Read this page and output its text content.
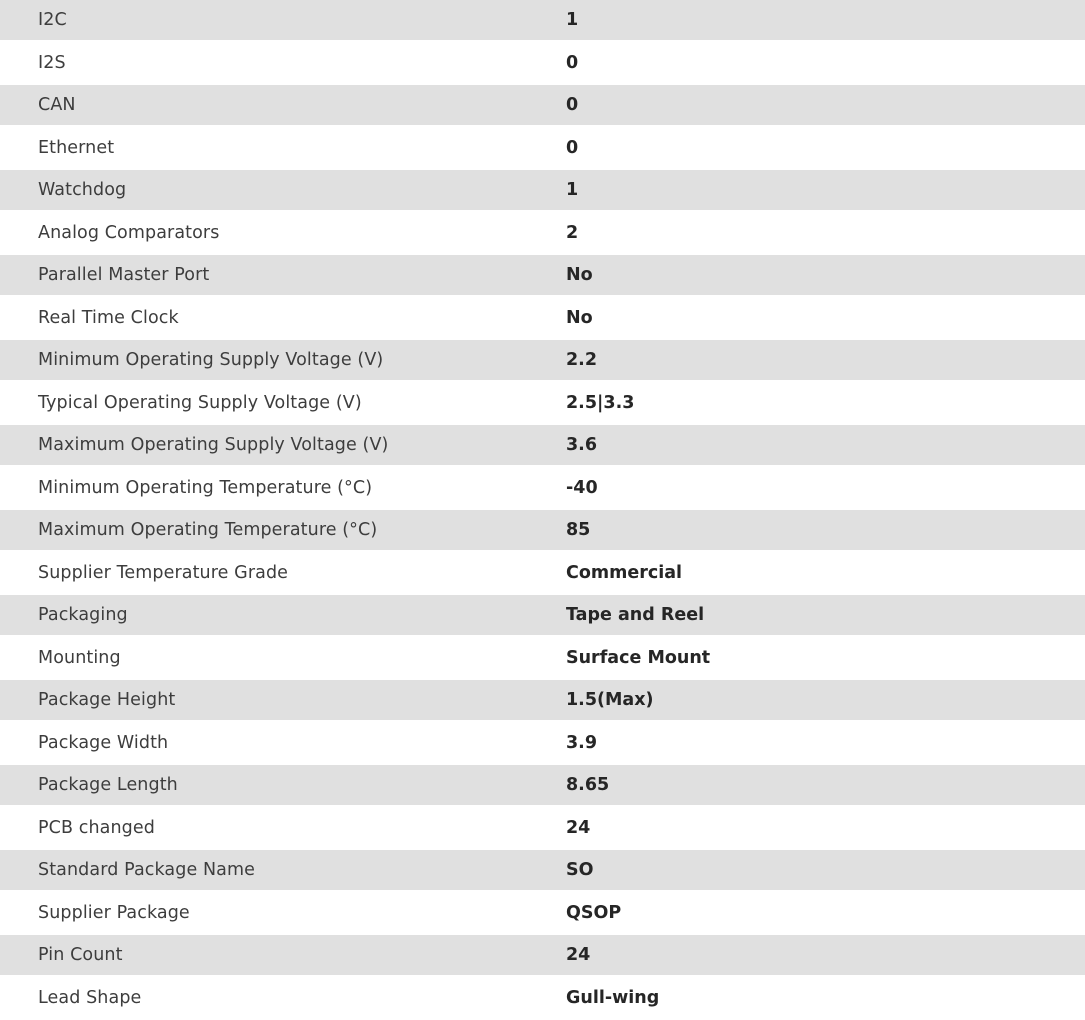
I2C	1
I2S	0
CAN	0
Ethernet	0
Watchdog	1
Analog Comparators	2
Parallel Master Port	No
Real Time Clock	No
Minimum Operating Supply Voltage (V)	2.2
Typical Operating Supply Voltage (V)	2.5|3.3
Maximum Operating Supply Voltage (V)	3.6
Minimum Operating Temperature (°C)	-40
Maximum Operating Temperature (°C)	85
Supplier Temperature Grade	Commercial
Packaging	Tape and Reel
Mounting	Surface Mount
Package Height	1.5(Max)
Package Width	3.9
Package Length	8.65
PCB changed	24
Standard Package Name	SO
Supplier Package	QSOP
Pin Count	24
Lead Shape	Gull-wing
